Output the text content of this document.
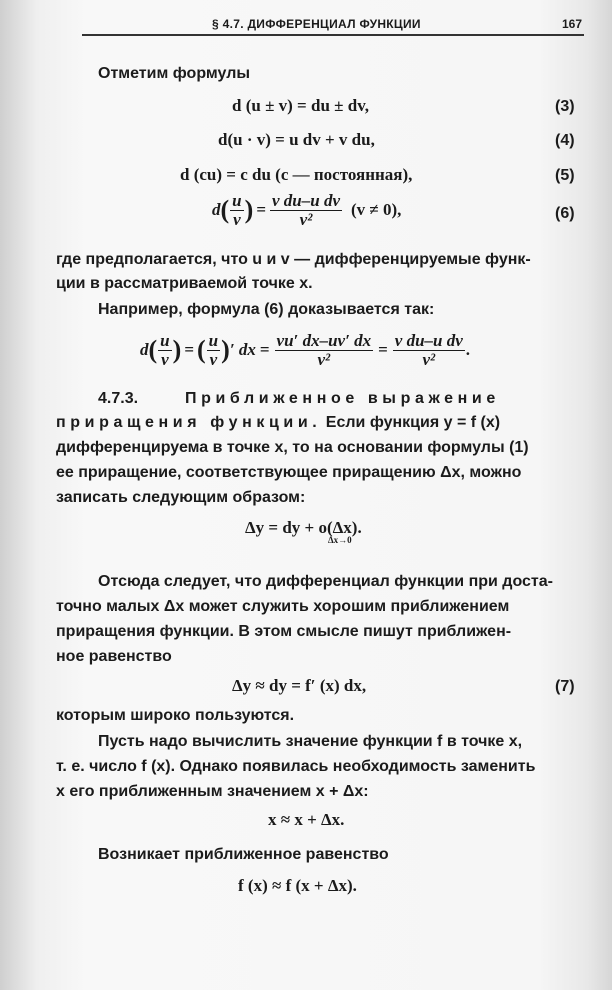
§ 4.7. ДИФФЕРЕНЦИАЛ ФУНКЦИИ	167
Отметим формулы
d (u ± v) = du ± dv,	(3)
d(u · v) = u dv + v du,	(4)
d (cu) = c du (c — постоянная),	(5)
d ( $\frac{u}{v}$ ) = $\frac{\text{v du–u dv}}{\text{v²}} (v \ne 0)$,	(6)
где предполагается, что u и v — дифференцируемые функ-
ции в рассматриваемой точке x.
Например, формула (6) доказывается так:
d ( $\frac{u}{v}$ ) = ( $\frac{u}{v}$ ) ′ dx = $\frac{vu' dx-uv' dx}{\text{v²}} = \frac{\text{v du–u dv}}{\text{v²}}$ .
4.7.3.	Приближенное выражение
приращения функции. Если функция y = f (x)
дифференцируема в точке x, то на основании формулы (1)
ее приращение, соответствующее приращению Δx, можно
записать следующим образом:
Δy = dy + o(Δx). $_{\Delta x\to 0}$
Отсюда следует, что дифференциал функции при доста-
точно малых Δx может служить хорошим приближением
приращения функции. В этом смысле пишут приближен-
ное равенство
Δy ≈ dy = f′ (x) dx,	(7)
которым широко пользуются.
Пусть надо вычислить значение функции f в точке x,
т. е. число f (x). Однако появилась необходимость заменить
x его приближенным значением x + Δx:
x ≈ x + Δx.
Возникает приближенное равенство
f (x) ≈ f (x + Δx).
